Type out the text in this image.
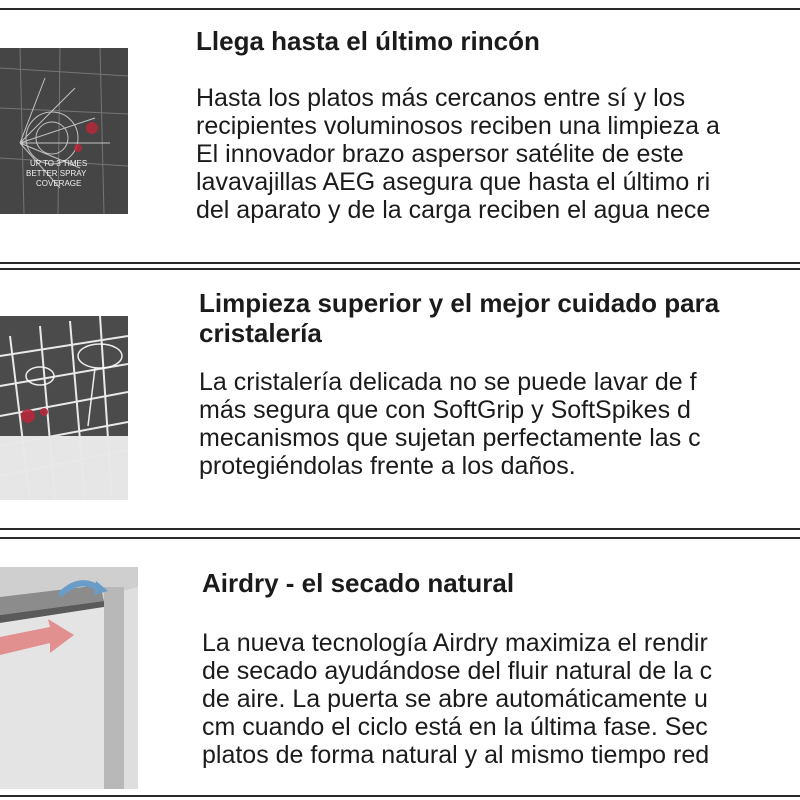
UP TO 3 TIMES
BETTER SPRAY
COVERAGE
Llega hasta el último rincón
Hasta los platos más cercanos entre sí y los
recipientes voluminosos reciben una limpieza a
El innovador brazo aspersor satélite de este
lavavajillas AEG asegura que hasta el último ri
del aparato y de la carga reciben el agua nece
Limpieza superior y el mejor cuidado para
cristalería
La cristalería delicada no se puede lavar de f
más segura que con SoftGrip y SoftSpikes d
mecanismos que sujetan perfectamente las c
protegiéndolas frente a los daños.
Airdry - el secado natural
La nueva tecnología Airdry maximiza el rendir
de secado ayudándose del fluir natural de la c
de aire. La puerta se abre automáticamente u
cm cuando el ciclo está en la última fase. Sec
platos de forma natural y al mismo tiempo red
